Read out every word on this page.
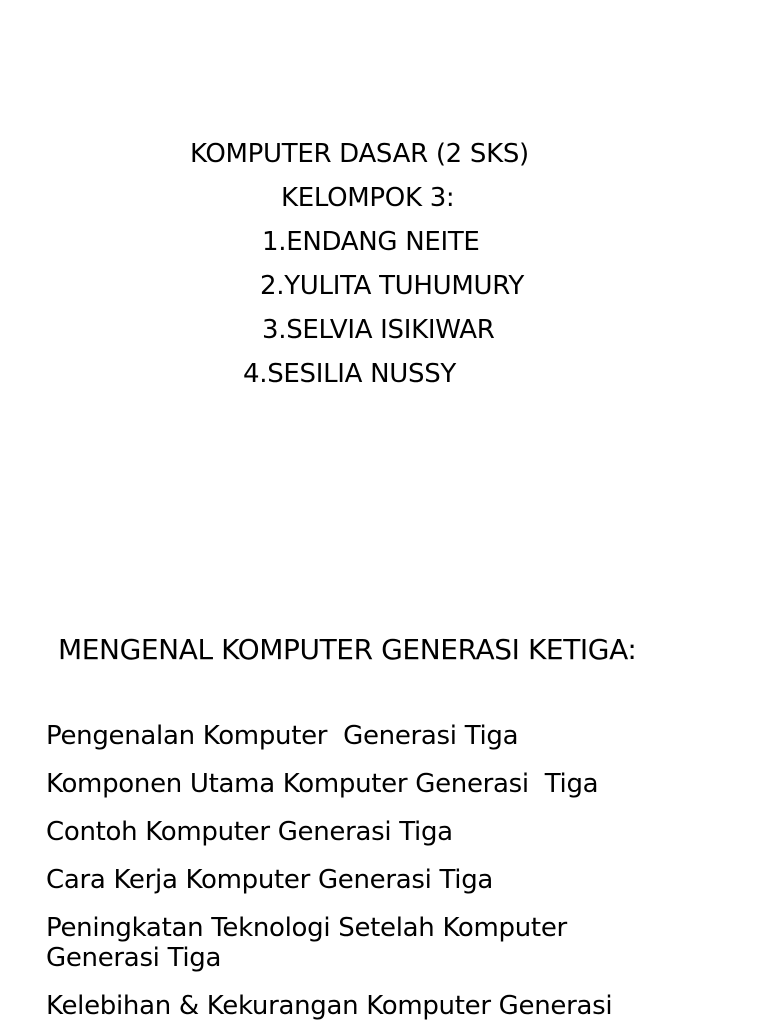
KOMPUTER DASAR (2 SKS)
KELOMPOK 3:
1.ENDANG NEITE
2.YULITA TUHUMURY
3.SELVIA ISIKIWAR
4.SESILIA NUSSY
MENGENAL KOMPUTER GENERASI KETIGA:
Pengenalan Komputer  Generasi Tiga
Komponen Utama Komputer Generasi  Tiga
Contoh Komputer Generasi Tiga
Cara Kerja Komputer Generasi Tiga
Peningkatan Teknologi Setelah Komputer Generasi Tiga
Kelebihan & Kekurangan Komputer Generasi
